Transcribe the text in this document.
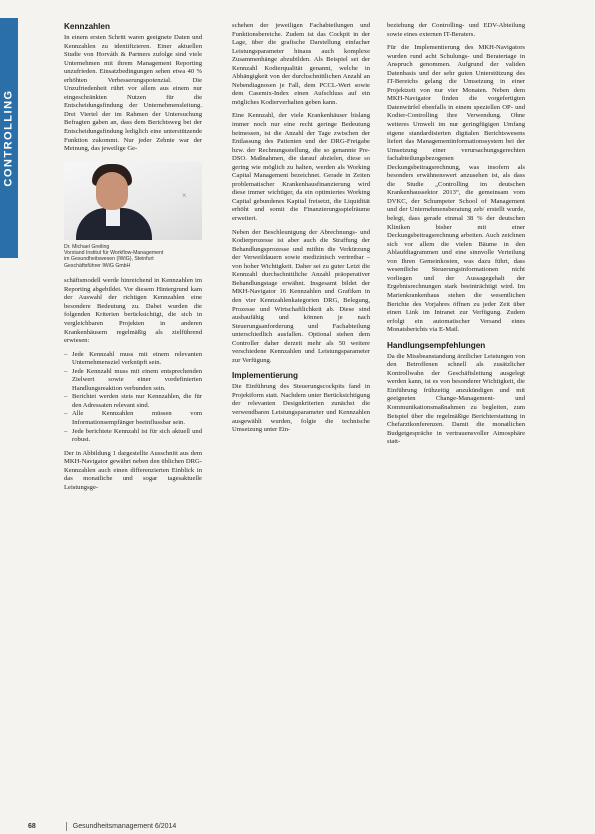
CONTROLLING
Kennzahlen

In einem ersten Schritt waren geeignete Daten und Kennzahlen zu identifizieren. Einer aktuellen Studie von Horváth & Partners zufolge sind viele Unternehmen mit ihrem Management Reporting unzufrieden. Einsatzbedingungen sehen etwa 40 % erhöhten Verbesserungspotenzial. Die Unzufriedenheit rührt vor allem aus einem nur eingeschränkten Nutzen für die Entscheidungsfindung der Unternehmensleitung. Drei Viertel der im Rahmen der Untersuchung Befragten gaben an, dass dem Berichtsweg bei der Entscheidungsfindung lediglich eine unterstützende Funktion zukommt. Nur jeder Zehnte war der Meinung, das jeweilige Ge-

×
Dr. Michael Greiling
Vorstand Institut für Workflow-Management
im Gesundheitswesen (IWiG), Steinfurt
Geschäftsführer IWiG GmbH

schäftsmodell werde hinreichend in Kennzahlen im Reporting abgebildet. Vor diesem Hintergrund kam der Auswahl der richtigen Kennzahlen eine besondere Bedeutung zu. Dabei wurden die folgenden Kriterien berücksichtigt, die sich in vergleichbaren Projekten in anderen Krankenhäusern regelmäßig als zielführend erwiesen:

– Jede Kennzahl muss mit einem relevanten Unternehmensziel verknüpft sein.
– Jede Kennzahl muss mit einem entsprechenden Zielwert sowie einer vordefinierten Handlungsreaktion verbunden sein.
– Berichtet werden stets nur Kennzahlen, die für den Adressaten relevant sind.
– Alle Kennzahlen müssen vom Informationsempfänger beeinflussbar sein.
– Jede berichtete Kennzahl ist für sich aktuell und robust.

Der in Abbildung 1 dargestellte Ausschnitt aus dem MKH-Navigator gewährt neben den üblichen DRG-Kennzahlen auch einen differenzierten Einblick in das monatliche und sogar tagesaktuelle Leistungsge-

schehen der jeweiligen Fachabteilungen und Funktionsbereiche. Zudem ist das Cockpit in der Lage, über die grafische Darstellung einfacher Leistungsparameter hinaus auch komplexe Zusammenhänge abzubilden. Als Beispiel sei der Kennzahl Kodierqualität genannt, welche in Abhängigkeit von der durchschnittlichen Anzahl an Nebendiagnosen je Fall, dem PCCL-Wert sowie dem Casemix-Index einen Aufschluss auf ein mögliches Kodierverhalten geben kann.

Eine Kennzahl, der viele Krankenhäuser bislang immer noch nur eine recht geringe Bedeutung beimessen, ist die Anzahl der Tage zwischen der Entlassung des Patienten und der DRG-Freigabe bzw. der Rechnungsstellung, die so genannte Pre-DSO. Maßnahmen, die darauf abzielen, diese so gering wie möglich zu halten, werden als Working Capital Management bezeichnet. Gerade in Zeiten problematischer Krankenhausfinanzierung wird diese immer wichtiger, da ein optimiertes Working Capital gebundenes Kapital freisetzt, die Liquidität erhöht und somit die Finanzierungsspielräume erweitert.

Neben der Beschleunigung der Abrechnungs- und Kodierprozesse ist aber auch die Straffung der Behandlungsprozesse und mithin die Verkürzung der Verweildauern sowie medizinisch vertretbar – von hoher Wichtigkeit. Daher sei zu guter Letzt die Kennzahl durchschnittliche Anzahl präoperativer Behandlungstage erwähnt. Insgesamt bildet der MKH-Navigator 16 Kennzahlen und Grafiken in den vier Kennzahlenkategorien DRG, Belegung, Prozesse und Wirtschaftlichkeit ab. Diese sind ausbaufähig und können je nach Steuerungsanforderung und Fachabteilung unterschiedlich ausfallen. Optional stehen dem Controller daher derzeit mehr als 50 weitere verschiedene Kennzahlen und Leistungsparameter zur Verfügung.

Implementierung

Die Einführung des Steuerungscockpits fand in Projektform statt. Nachdem unter Berücksichtigung der relevanten Designkriterien zunächst die verwendbaren Leistungsparameter und Kennzahlen ausgewählt wurden, folgte die technische Umsetzung unter Ein-

beziehung der Controlling- und EDV-Abteilung sowie eines externen IT-Beraters.

Für die Implementierung des MKH-Navigators wurden rund acht Schulungs- und Beratertage in Anspruch genommen. Aufgrund der validen Datenbasis und der sehr guten Unterstützung des IT-Bereichs gelang die Umsetzung in einer Projektzeit von nur vier Monaten. Neben dem MKH-Navigator finden die vorgefertigten Datenwürfel ebenfalls in einem speziellen OP- und Kodier-Controlling ihre Verwendung. Ohne weiteres Umwelt im nur geringfügigen Umfang eigene standardisierten digitalen Berichtswesens liefert das Managementinformationssystem bei der Umsetzung einer verursachungsgerechten fachabteilungsbezogenen Deckungsbeitragsrechnung, was insofern als besonders erwähnenswert anzusehen ist, als dass die Studie „Controlling im deutschen Krankenhaussektor 2013“, die gemeinsam vom DVKC, der Schumpeter School of Management und der Unternehmensberatung zeb/ erstellt wurde, belegt, dass gerade einmal 38 % der deutschen Kliniken bisher mit einer Deckungsbeitragsrechnung arbeiten. Auch zeichnen sich vor allem die vielen Bäume in den Ablaufdiagrammen und eine sinnvolle Verteilung von Ihren Gemeinkosten, was dazu führt, dass wesentliche Steuerungsinformationen nicht vorliegen und der Aussagegehalt der Ergebnisrechnungen stark beeinträchtigt wird. Im Marienkrankenhaus stehen die wesentlichen Berichte des Vorjahres öffnen zu jeder Zeit über einen Link im Intranet zur Verfügung. Zudem erfolgt ein automatischer Versand eines Monatsberichts via E-Mail.

Handlungsempfehlungen

Da die Missbeanstandung ärztlicher Leistungen von den Betroffenen schnell als zusätzlicher Kontrollwahn der Geschäftsleitung ausgelegt werden kann, ist es von besonderer Wichtigkeit, die Einführung frühzeitig anzukündigen und mit geeigneten Change-Management- und Kommunikationsmaßnahmen zu begleiten, zum Beispiel über die regelmäßige Berichterstattung in Chefarztkonferenzen. Damit die monatlichen Budgetgespräche in vertrauensvoller Atmosphäre statt-

68	Gesundheitsmanagement 6/2014
